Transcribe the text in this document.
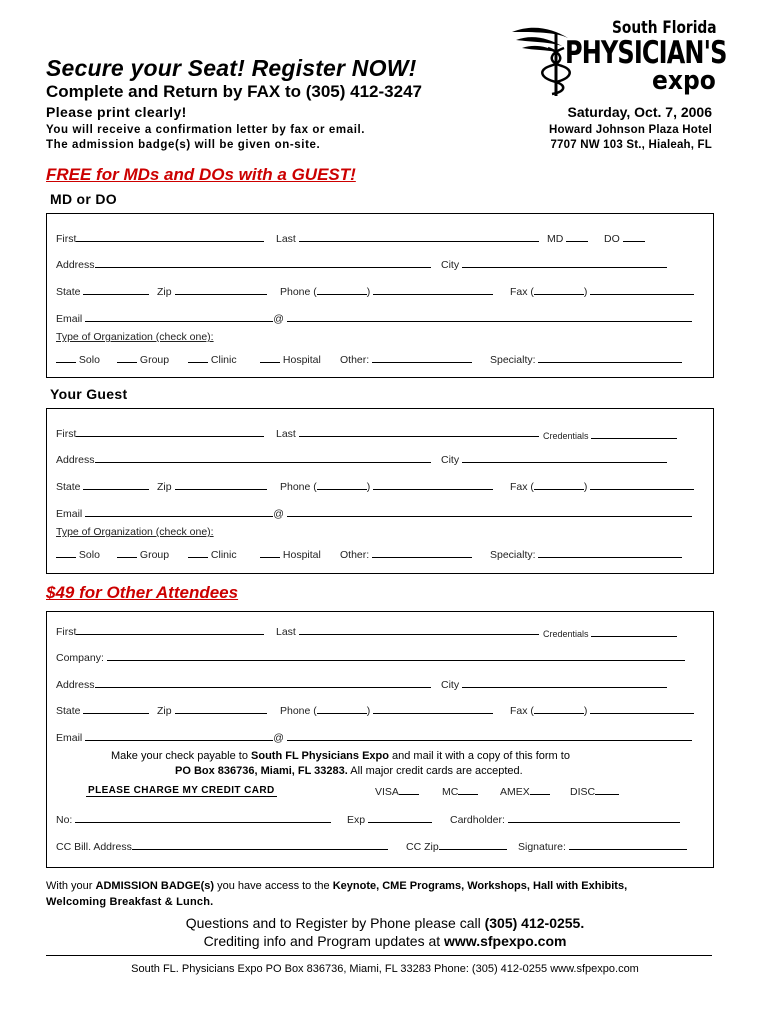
Secure your Seat! Register NOW!
Complete and Return by FAX to (305) 412-3247
Please print clearly!
You will receive a confirmation letter by fax or email.
The admission badge(s) will be given on-site.
South Florida
PHYSICIAN'S
expo
Saturday, Oct. 7, 2006
Howard Johnson Plaza Hotel
7707 NW 103 St., Hialeah, FL
FREE for MDs and DOs with a GUEST!
MD or DO
First	Last	MD	DO
Address	City
State	Zip	Phone (	)	Fax (	)
Email	@
Type of Organization (check one):
Solo	Group	Clinic	Hospital Other:	Specialty:
Your Guest
First	Last	Credentials
Address	City
State	Zip	Phone (	)	Fax (	)
Email	@
Type of Organization (check one):
Solo	Group	Clinic	Hospital Other:	Specialty:
$49 for Other Attendees
First	Last	Credentials
Company:
Address	City
State	Zip	Phone (	)	Fax (	)
Email	@
Make your check payable to South FL Physicians Expo and mail it with a copy of this form to
PO Box 836736, Miami, FL 33283. All major credit cards are accepted.
PLEASE CHARGE MY CREDIT CARD	VISA	MC	AMEX	DISC
No:	Exp	Cardholder:
CC Bill. Address	CC Zip	Signature:
With your ADMISSION BADGE(s) you have access to the Keynote, CME Programs, Workshops, Hall with Exhibits,
Welcoming Breakfast & Lunch.
Questions and to Register by Phone please call (305) 412-0255.
Crediting info and Program updates at www.sfpexpo.com
South FL. Physicians Expo PO Box 836736, Miami, FL 33283 Phone: (305) 412-0255 www.sfpexpo.com
